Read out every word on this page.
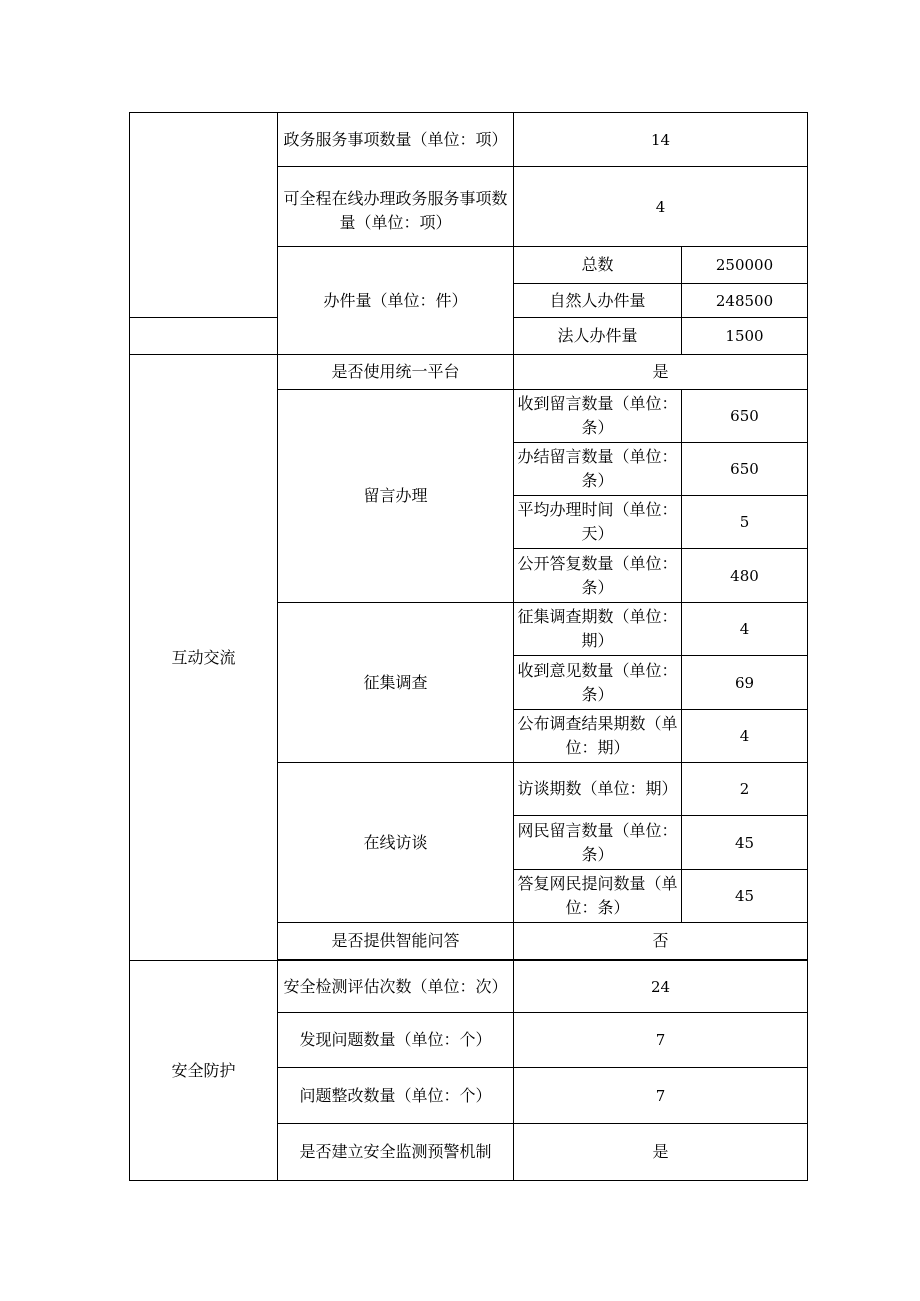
	政务服务事项数量（单位：项）	14	
	可全程在线办理政务服务事项数量（单位：项）	4	
	办件量（单位：件）	总数	250000
		自然人办件量	248500
		法人办件量	1500
互动交流	是否使用统一平台	是	
	留言办理	收到留言数量（单位：条）	650
		办结留言数量（单位：条）	650
		平均办理时间（单位：天）	5
		公开答复数量（单位：条）	480
	征集调查	征集调查期数（单位：期）	4
		收到意见数量（单位：条）	69
		公布调查结果期数（单位：期）	4
	在线访谈	访谈期数（单位：期）	2
		网民留言数量（单位：条）	45
		答复网民提问数量（单位：条）	45
	是否提供智能问答	否	

安全防护	安全检测评估次数（单位：次）	24	
	发现问题数量（单位：个）	7	
	问题整改数量（单位：个）	7	
	是否建立安全监测预警机制	是	
